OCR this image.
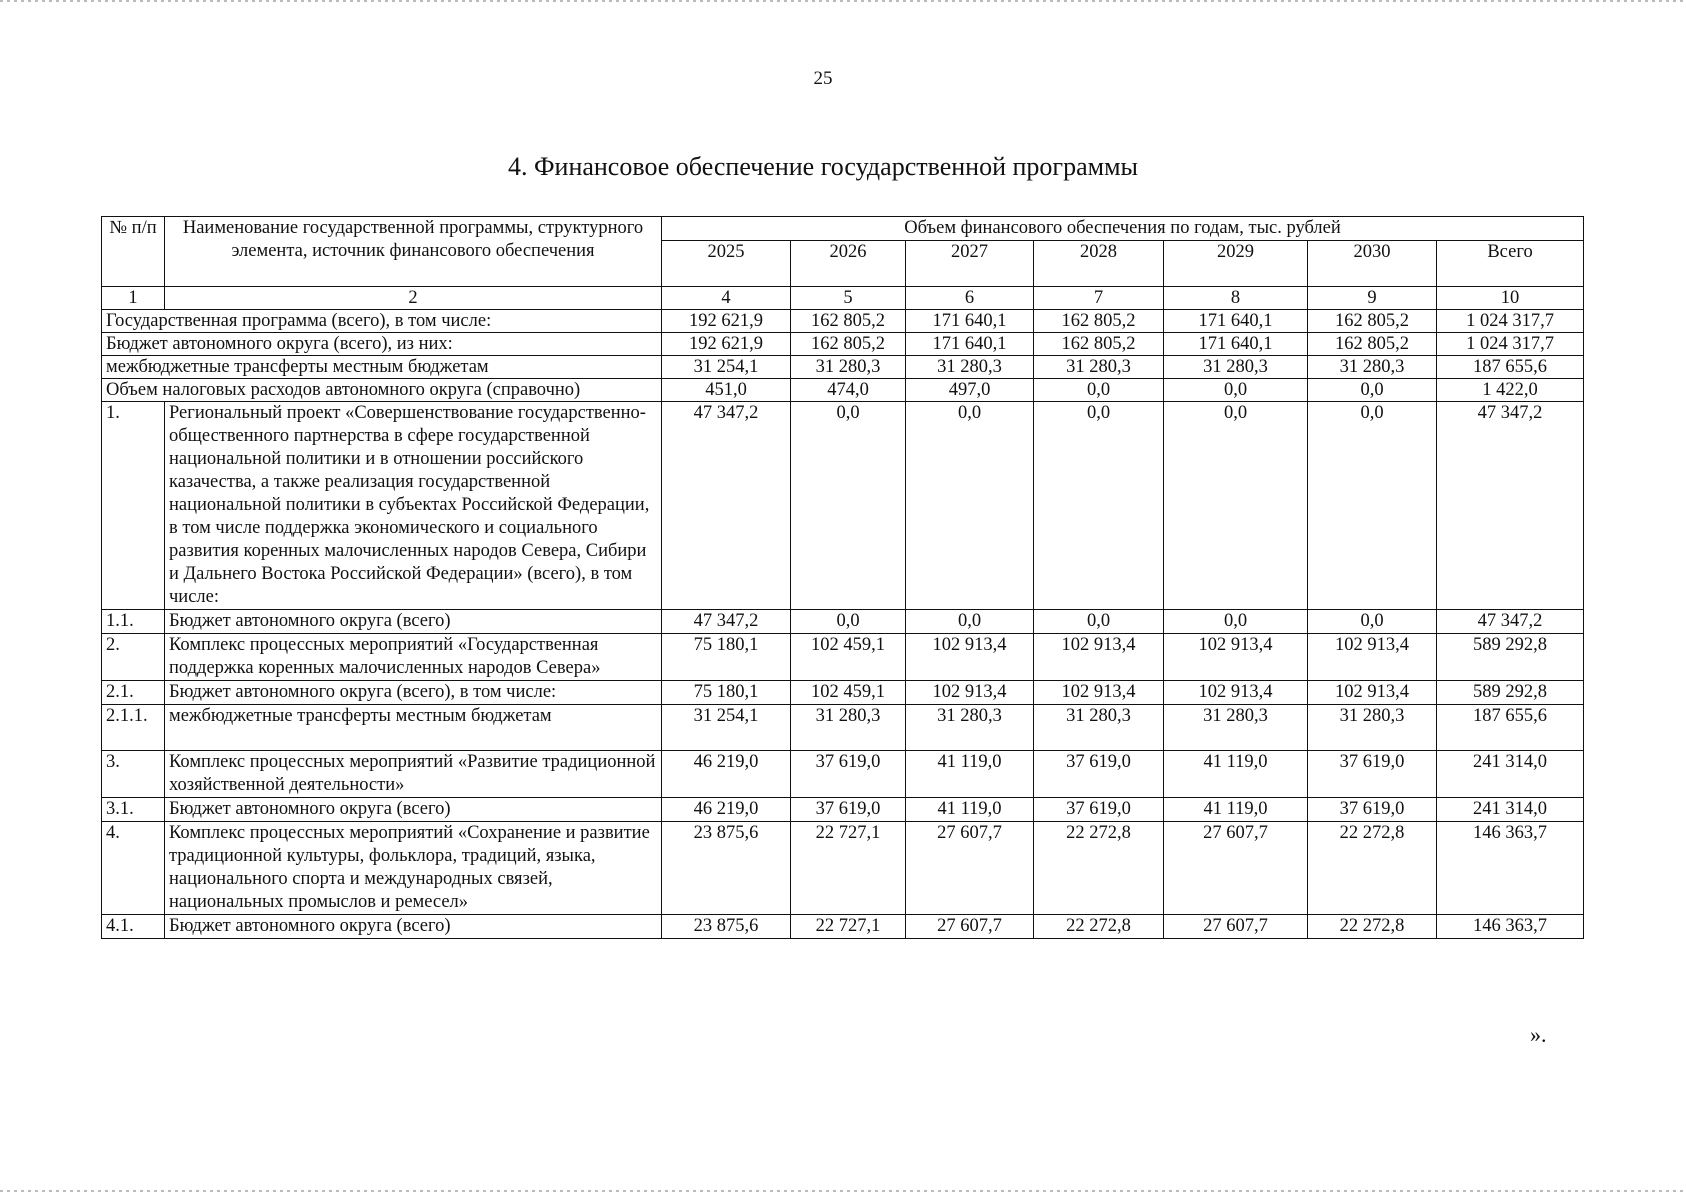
25
4. Финансовое обеспечение государственной программы
№ п/п	Наименование государственной программы, структурного элемента, источник финансового обеспечения	Объем финансового обеспечения по годам, тыс. рублей						
		2025	2026	2027	2028	2029	2030	Всего
1	2	4	5	6	7	8	9	10
Государственная программа (всего), в том числе:		192 621,9	162 805,2	171 640,1	162 805,2	171 640,1	162 805,2	1 024 317,7
Бюджет автономного округа (всего), из них:		192 621,9	162 805,2	171 640,1	162 805,2	171 640,1	162 805,2	1 024 317,7
межбюджетные трансферты местным бюджетам		31 254,1	31 280,3	31 280,3	31 280,3	31 280,3	31 280,3	187 655,6
Объем налоговых расходов автономного округа (справочно)		451,0	474,0	497,0	0,0	0,0	0,0	1 422,0
1.	Региональный проект «Совершенствование государственно-общественного партнерства в сфере государственной национальной политики и в отношении российского казачества, а также реализация государственной национальной политики в субъектах Российской Федерации, в том числе поддержка экономического и социального развития коренных малочисленных народов Севера, Сибири и Дальнего Востока Российской Федерации» (всего), в том числе:	47 347,2	0,0	0,0	0,0	0,0	0,0	47 347,2
1.1.	Бюджет автономного округа (всего)	47 347,2	0,0	0,0	0,0	0,0	0,0	47 347,2
2.	Комплекс процессных мероприятий «Государственная поддержка коренных малочисленных народов Севера»	75 180,1	102 459,1	102 913,4	102 913,4	102 913,4	102 913,4	589 292,8
2.1.	Бюджет автономного округа (всего), в том числе:	75 180,1	102 459,1	102 913,4	102 913,4	102 913,4	102 913,4	589 292,8
2.1.1.	межбюджетные трансферты местным бюджетам	31 254,1	31 280,3	31 280,3	31 280,3	31 280,3	31 280,3	187 655,6
3.	Комплекс процессных мероприятий «Развитие традиционной хозяйственной деятельности»	46 219,0	37 619,0	41 119,0	37 619,0	41 119,0	37 619,0	241 314,0
3.1.	Бюджет автономного округа (всего)	46 219,0	37 619,0	41 119,0	37 619,0	41 119,0	37 619,0	241 314,0
4.	Комплекс процессных мероприятий «Сохранение и развитие традиционной культуры, фольклора, традиций, языка, национального спорта и международных связей, национальных промыслов и ремесел»	23 875,6	22 727,1	27 607,7	22 272,8	27 607,7	22 272,8	146 363,7
4.1.	Бюджет автономного округа (всего)	23 875,6	22 727,1	27 607,7	22 272,8	27 607,7	22 272,8	146 363,7
».
